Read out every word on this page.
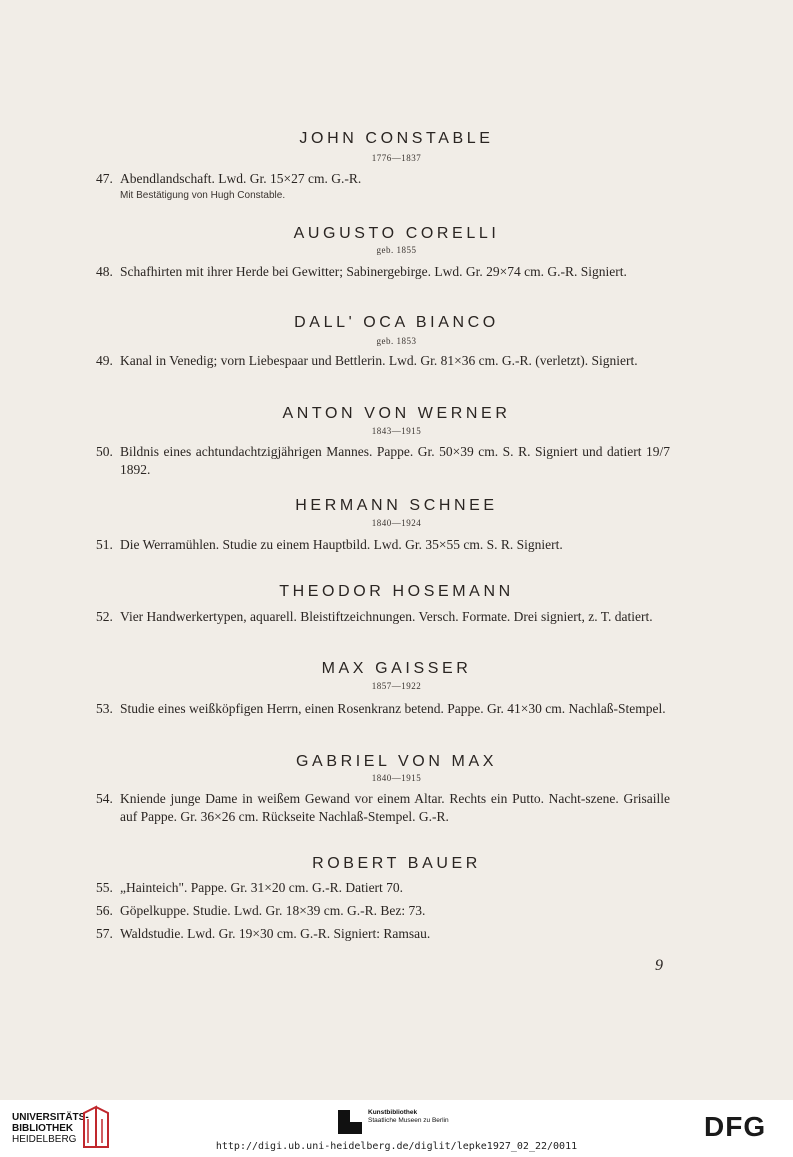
JOHN CONSTABLE
1776—1837
47. Abendlandschaft. Lwd. Gr. 15×27 cm. G.-R.
Mit Bestätigung von Hugh Constable.
AUGUSTO CORELLI
geb. 1855
48. Schafhirten mit ihrer Herde bei Gewitter; Sabinergebirge. Lwd. Gr. 29×74 cm. G.-R. Signiert.
DALL' OCA BIANCO
geb. 1853
49. Kanal in Venedig; vorn Liebespaar und Bettlerin. Lwd. Gr. 81×36 cm. G.-R. (verletzt). Signiert.
ANTON VON WERNER
1843—1915
50. Bildnis eines achtundachtzigjährigen Mannes. Pappe. Gr. 50×39 cm. S. R. Signiert und datiert 19/7 1892.
HERMANN SCHNEE
1840—1924
51. Die Werramühlen. Studie zu einem Hauptbild. Lwd. Gr. 35×55 cm. S. R. Signiert.
THEODOR HOSEMANN
52. Vier Handwerkertypen, aquarell. Bleistiftzeichnungen. Versch. Formate. Drei signiert, z. T. datiert.
MAX GAISSER
1857—1922
53. Studie eines weißköpfigen Herrn, einen Rosenkranz betend. Pappe. Gr. 41×30 cm. Nachlaß-Stempel.
GABRIEL VON MAX
1840—1915
54. Kniende junge Dame in weißem Gewand vor einem Altar. Rechts ein Putto. Nacht-szene. Grisaille auf Pappe. Gr. 36×26 cm. Rückseite Nachlaß-Stempel. G.-R.
ROBERT BAUER
55. „Hainteich". Pappe. Gr. 31×20 cm. G.-R. Datiert 70.
56. Göpelkuppe. Studie. Lwd. Gr. 18×39 cm. G.-R. Bez: 73.
57. Waldstudie. Lwd. Gr. 19×30 cm. G.-R. Signiert: Ramsau.
9
UNIVERSITÄTS-
BIBLIOTHEK
HEIDELBERG
Kunstbibliothek
Staatliche Museen zu Berlin
http://digi.ub.uni-heidelberg.de/diglit/lepke1927_02_22/0011
DFG
